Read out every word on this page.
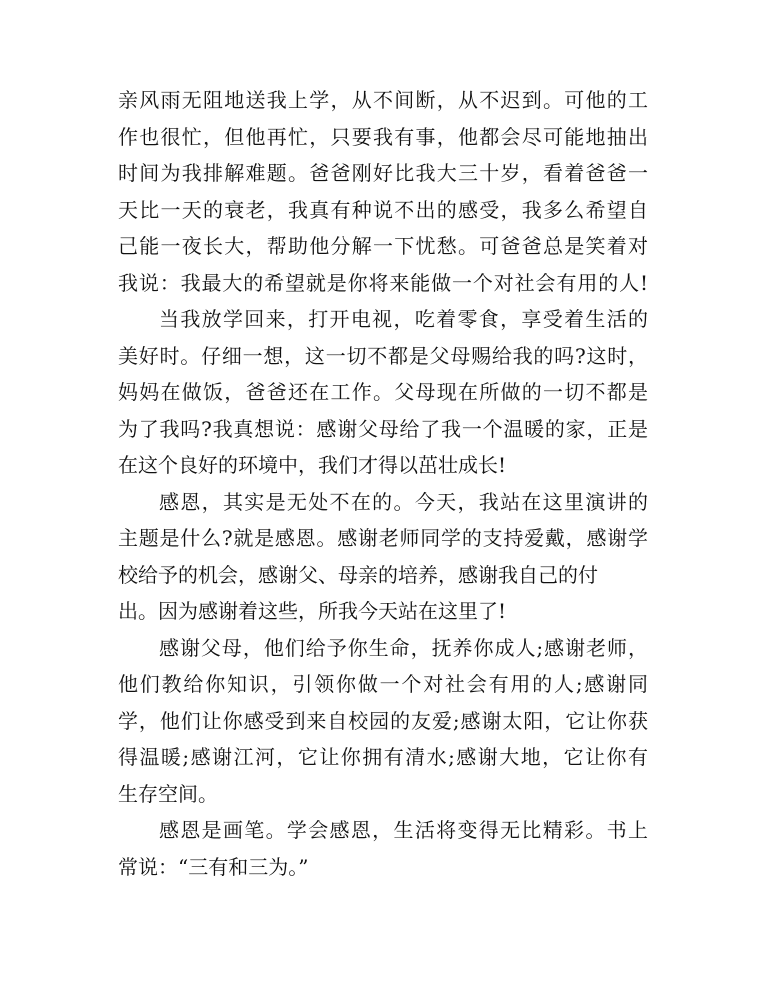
亲风雨无阻地送我上学，从不间断，从不迟到。可他的工
作也很忙，但他再忙，只要我有事，他都会尽可能地抽出
时间为我排解难题。爸爸刚好比我大三十岁，看着爸爸一
天比一天的衰老，我真有种说不出的感受，我多么希望自
己能一夜长大，帮助他分解一下忧愁。可爸爸总是笑着对
我说：我最大的希望就是你将来能做一个对社会有用的人!
当我放学回来，打开电视，吃着零食，享受着生活的
美好时。仔细一想，这一切不都是父母赐给我的吗?这时，
妈妈在做饭，爸爸还在工作。父母现在所做的一切不都是
为了我吗?我真想说：感谢父母给了我一个温暖的家，正是
在这个良好的环境中，我们才得以茁壮成长!
感恩，其实是无处不在的。今天，我站在这里演讲的
主题是什么?就是感恩。感谢老师同学的支持爱戴，感谢学
校给予的机会，感谢父、母亲的培养，感谢我自己的付
出。因为感谢着这些，所我今天站在这里了!
感谢父母，他们给予你生命，抚养你成人;感谢老师，
他们教给你知识，引领你做一个对社会有用的人;感谢同
学，他们让你感受到来自校园的友爱;感谢太阳，它让你获
得温暖;感谢江河，它让你拥有清水;感谢大地，它让你有
生存空间。
感恩是画笔。学会感恩，生活将变得无比精彩。书上
常说：“三有和三为。”
